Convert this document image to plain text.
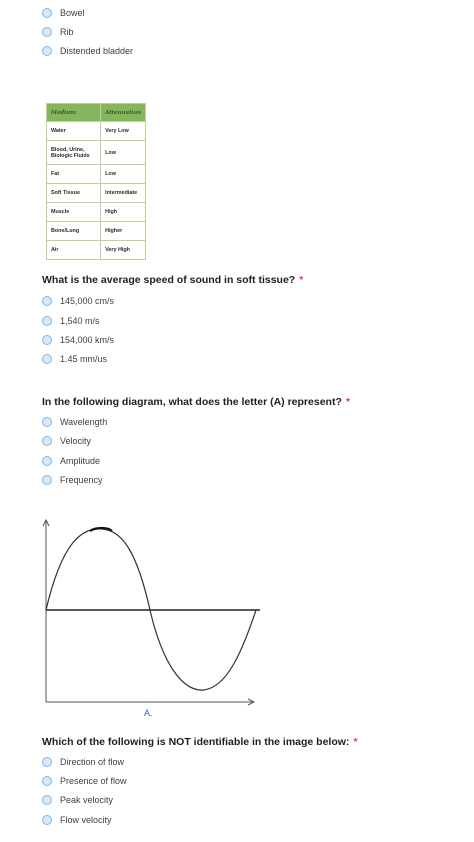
Bowel
Rib
Distended bladder
Medium	Attenuation
Water	Very Low
Blood, Urine, Biologic Fluids	Low
Fat	Low
Soft Tissue	Intermediate
Muscle	High
Bone/Lung	Higher
Air	Very High
What is the average speed of sound in soft tissue? *
145,000 cm/s
1,540 m/s
154,000 km/s
1.45 mm/us
In the following diagram, what does the letter (A) represent? *
Wavelength
Velocity
Amplitude
Frequency
A.
Which of the following is NOT identifiable in the image below: *
Direction of flow
Presence of flow
Peak velocity
Flow velocity
